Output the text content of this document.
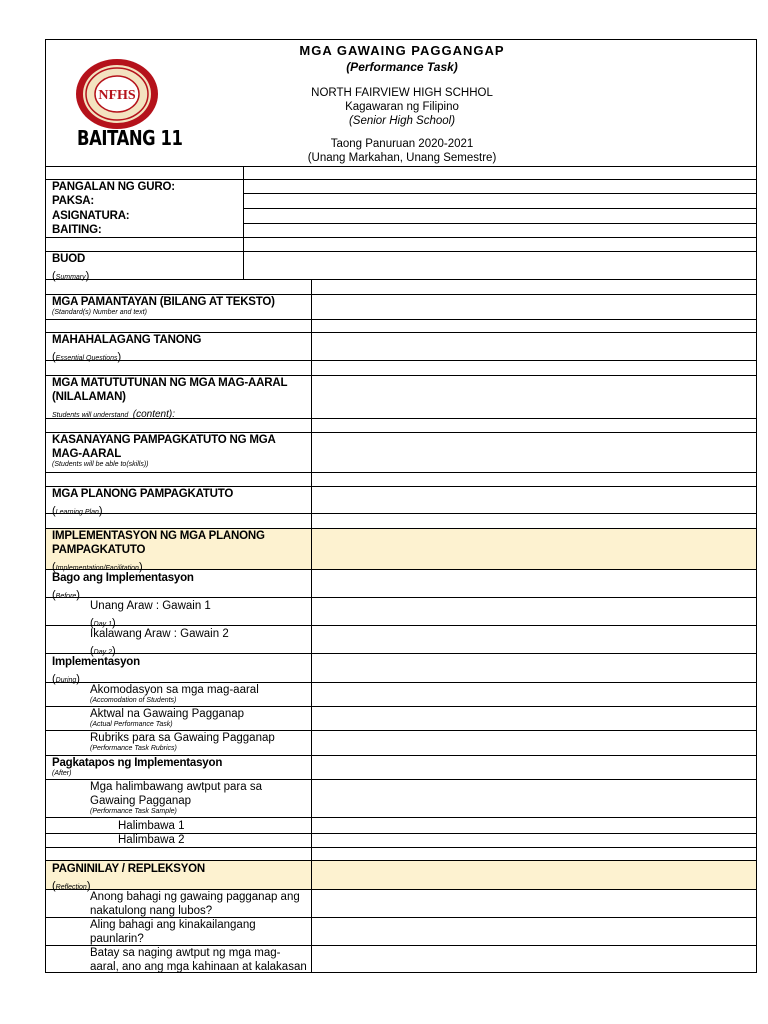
NFHS
BAITANG 11
MGA GAWAING PAGGANGAP
(Performance Task)
NORTH FAIRVIEW HIGH SCHHOL
Kagawaran ng Filipino
(Senior High School)
Taong Panuruan 2020-2021
(Unang Markahan, Unang Semestre)
PANGALAN NG GURO:
PAKSA:
ASIGNATURA:
BAITING:
BUOD
(Summary)
MGA PAMANTAYAN (BILANG AT TEKSTO)
(Standard(s) Number and text)
MAHAHALAGANG TANONG
(Essential Questions)
MGA MATUTUTUNAN NG MGA MAG-AARAL
(NILALAMAN)
Students will understand (content):
KASANAYANG PAMPAGKATUTO NG MGA
MAG-AARAL
(Students will be able to(skills))
MGA PLANONG PAMPAGKATUTO
(Learning Plan)
IMPLEMENTASYON NG MGA PLANONG
PAMPAGKATUTO
(Implementation/Facilitation)
Bago ang Implementasyon
(Before)
Unang Araw : Gawain 1
(Day 1)
Ikalawang Araw : Gawain 2
(Day 2)
Implementasyon
(During)
Akomodasyon sa mga mag-aaral
(Accomodation of Students)
Aktwal na Gawaing Pagganap
(Actual Performance Task)
Rubriks para sa Gawaing Pagganap
(Performance Task Rubrics)
Pagkatapos ng Implementasyon
(After)
Mga halimbawang awtput para sa
Gawaing Pagganap
(Performance Task Sample)
Halimbawa 1
Halimbawa 2
PAGNINILAY / REPLEKSYON
(Reflection)
Anong bahagi ng gawaing pagganap ang
nakatulong nang lubos?
Aling bahagi ang kinakailangang
paunlarin?
Batay sa naging awtput ng mga mag-
aaral, ano ang mga kahinaan at kalakasan
